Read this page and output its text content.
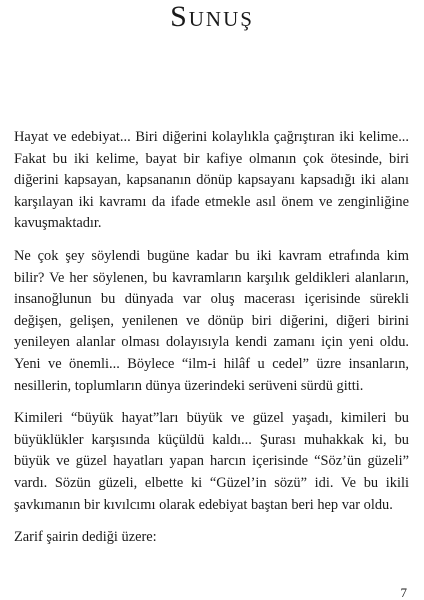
Sunuş

Hayat ve edebiyat... Biri diğerini kolaylıkla çağrıştıran iki kelime... Fakat bu iki kelime, bayat bir kafiye olmanın çok ötesinde, biri diğerini kapsayan, kapsananın dönüp kapsayanı kapsadığı iki alanı karşılayan iki kavramı da ifade etmekle asıl önem ve zenginliğine kavuşmaktadır.

Ne çok şey söylendi bugüne kadar bu iki kavram etrafında kim bilir? Ve her söylenen, bu kavramların karşılık geldikleri alanların, insanoğlunun bu dünyada var oluş macerası içerisinde sürekli değişen, gelişen, yenilenen ve dönüp biri diğerini, diğeri birini yenileyen alanlar olması dolayısıyla kendi zamanı için yeni oldu. Yeni ve önemli... Böylece “ilm-i hilâf u cedel” üzre insanların, nesillerin, toplumların dünya üzerindeki serüveni sürdü gitti.

Kimileri “büyük hayat”ları büyük ve güzel yaşadı, kimileri bu büyüklükler karşısında küçüldü kaldı... Şurası muhakkak ki, bu büyük ve güzel hayatları yapan harcın içerisinde “Söz’ün güzeli” vardı. Sözün güzeli, elbette ki “Güzel’in sözü” idi. Ve bu ikili şavkımanın bir kıvılcımı olarak edebiyat baştan beri hep var oldu.

Zarif şairin dediği üzere:

7
